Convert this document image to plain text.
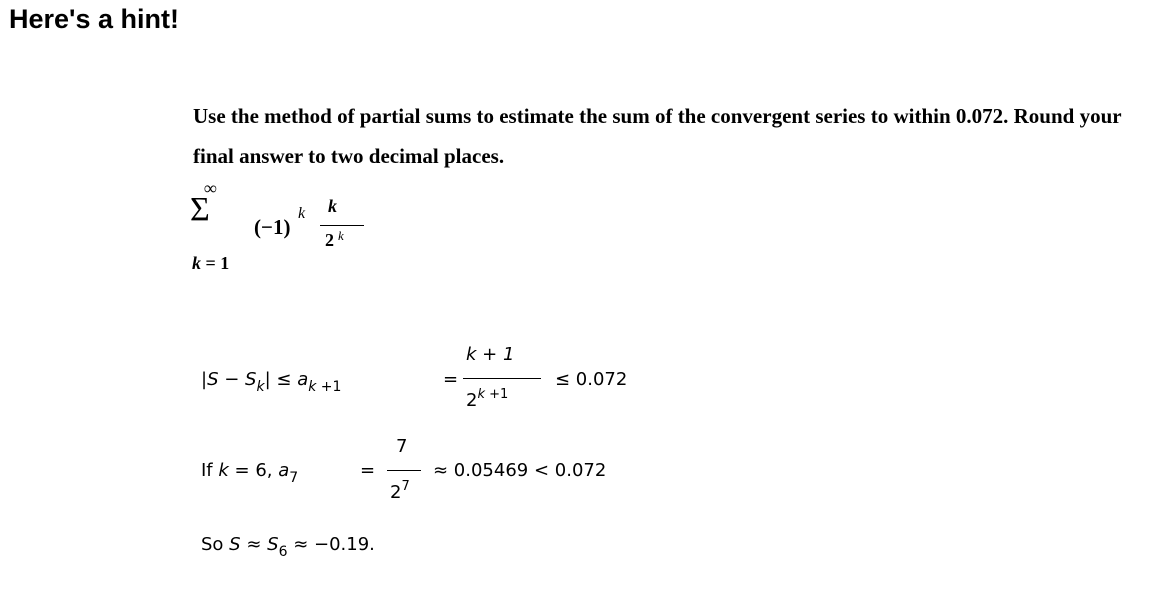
Here's a hint!
Use the method of partial sums to estimate the sum of the convergent series to within 0.072. Round your final answer to two decimal places.
∞
Σ
k = 1
(−1)
k k
2 k
$|S - S_k| \le a_{k +1}$	=
k + 1
$2^{k +1}$
≤ 0.072
If k = 6, $a_7$	=
7
$2^7$
≈ 0.05469 < 0.072
So $S \approx S_6 \approx -0.19$.
